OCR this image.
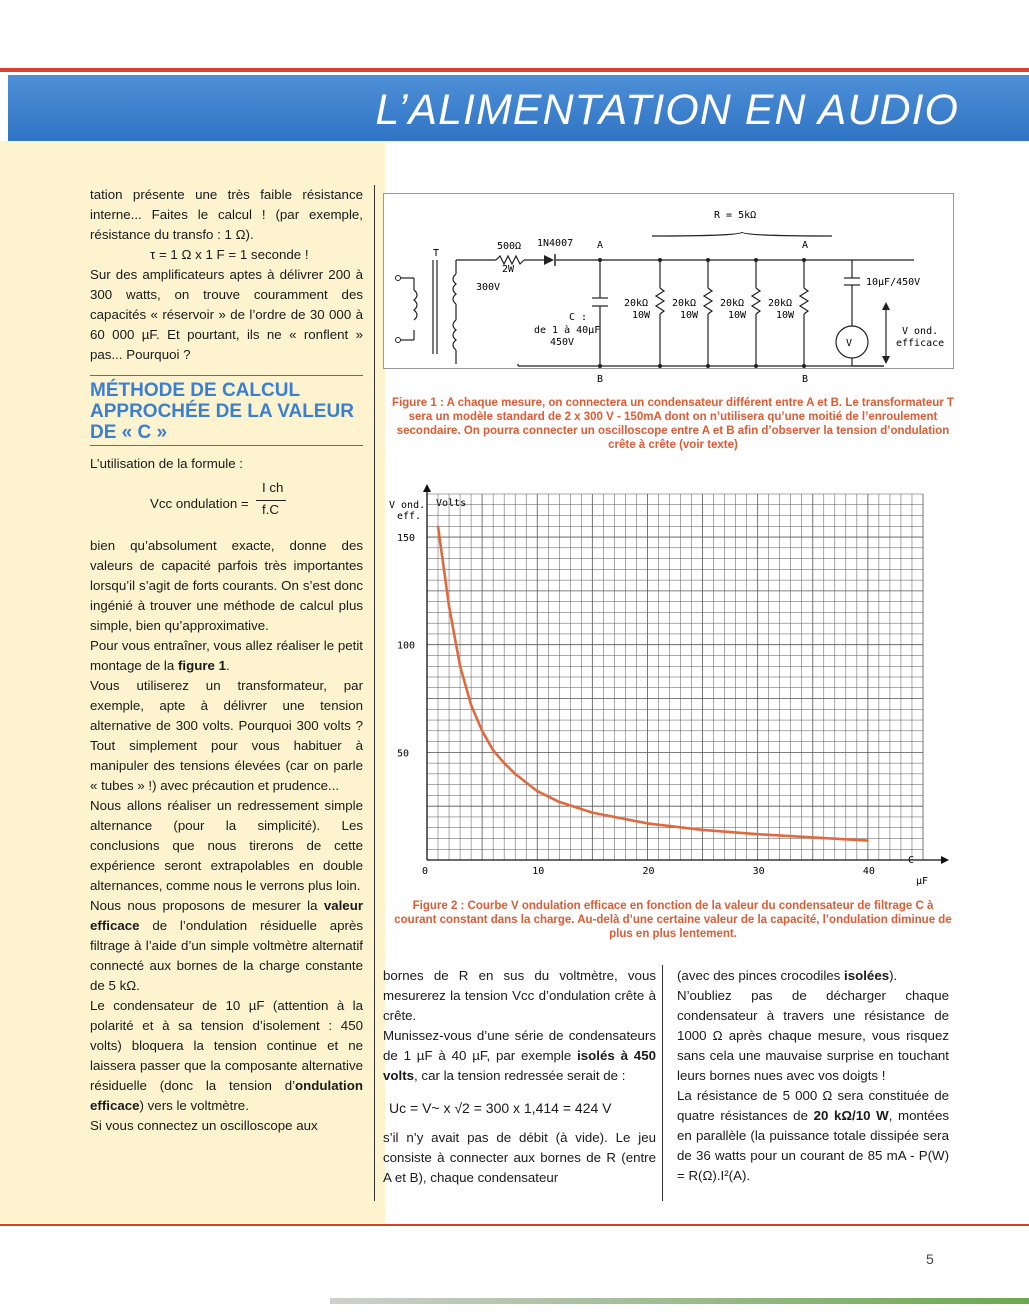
L’ALIMENTATION EN AUDIO

tation présente une très faible résistance interne... Faites le calcul ! (par exemple, résistance du transfo : 1 Ω).

τ = 1 Ω x 1 F = 1 seconde !

Sur des amplificateurs aptes à délivrer 200 à 300 watts, on trouve couramment des capacités « réservoir » de l’ordre de 30 000 à 60 000 µF. Et pourtant, ils ne « ronflent » pas... Pourquoi ?

MÉTHODE DE CALCUL APPROCHÉE DE LA VALEUR DE « C »

L’utilisation de la formule :

Vcc ondulation =
I ch
f.C

bien qu’absolument exacte, donne des valeurs de capacité parfois très importantes lorsqu’il s’agit de forts courants. On s’est donc ingénié à trouver une méthode de calcul plus simple, bien qu’approximative.

Pour vous entraîner, vous allez réaliser le petit montage de la figure 1.

Vous utiliserez un transformateur, par exemple, apte à délivrer une tension alternative de 300 volts. Pourquoi 300 volts ? Tout simplement pour vous habituer à manipuler des tensions élevées (car on parle « tubes » !) avec précaution et prudence...

Nous allons réaliser un redressement simple alternance (pour la simplicité). Les conclusions que nous tirerons de cette expérience seront extrapolables en double alternances, comme nous le verrons plus loin.

Nous nous proposons de mesurer la valeur efficace de l’ondulation résiduelle après filtrage à l’aide d’un simple voltmètre alternatif connecté aux bornes de la charge constante de 5 kΩ.

Le condensateur de 10 µF (attention à la polarité et à sa tension d’isolement : 450 volts) bloquera la tension continue et ne laissera passer que la composante alternative résiduelle (donc la tension d’ondulation efficace) vers le voltmètre.

Si vous connectez un oscilloscope aux

R = 5kΩ
500Ω
2W
1N4007 A	A
B	B
T
300V
C :
de 1 à 40µF
450V
20kΩ
10W
20kΩ
10W
20kΩ
10W
20kΩ
10W
10µF/450V
V
V ond.
efficace
Figure 1 : A chaque mesure, on connectera un condensateur différent entre A et B. Le transformateur T sera un modèle standard de 2 x 300 V - 150mA dont on n’utilisera qu’une moitié de l’enroulement secondaire. On pourra connecter un oscilloscope entre A et B afin d’observer la tension d’ondulation crête à crête (voir texte)
0	10	20	30	40
50
100
150
V ond.
eff.
Volts
C
µF
Figure 2 : Courbe V ondulation efficace en fonction de la valeur du condensateur de filtrage C à courant constant dans la charge. Au-delà d’une certaine valeur de la capacité, l’ondulation diminue de plus en plus lentement.

bornes de R en sus du voltmètre, vous mesurerez la tension Vcc d’ondulation crête à crête.

Munissez-vous d’une série de condensateurs de 1 µF à 40 µF, par exemple isolés à 450 volts, car la tension redressée serait de :

Uc = V~ x √2 = 300 x 1,414 = 424 V

s’il n’y avait pas de débit (à vide). Le jeu consiste à connecter aux bornes de R (entre A et B), chaque condensateur

(avec des pinces crocodiles isolées).

N’oubliez pas de décharger chaque condensateur à travers une résistance de 1000 Ω après chaque mesure, vous risquez sans cela une mauvaise surprise en touchant leurs bornes nues avec vos doigts !

La résistance de 5 000 Ω sera constituée de quatre résistances de 20 kΩ/10 W, montées en parallèle (la puissance totale dissipée sera de 36 watts pour un courant de 85 mA - P(W) = R(Ω).I²(A).

5
